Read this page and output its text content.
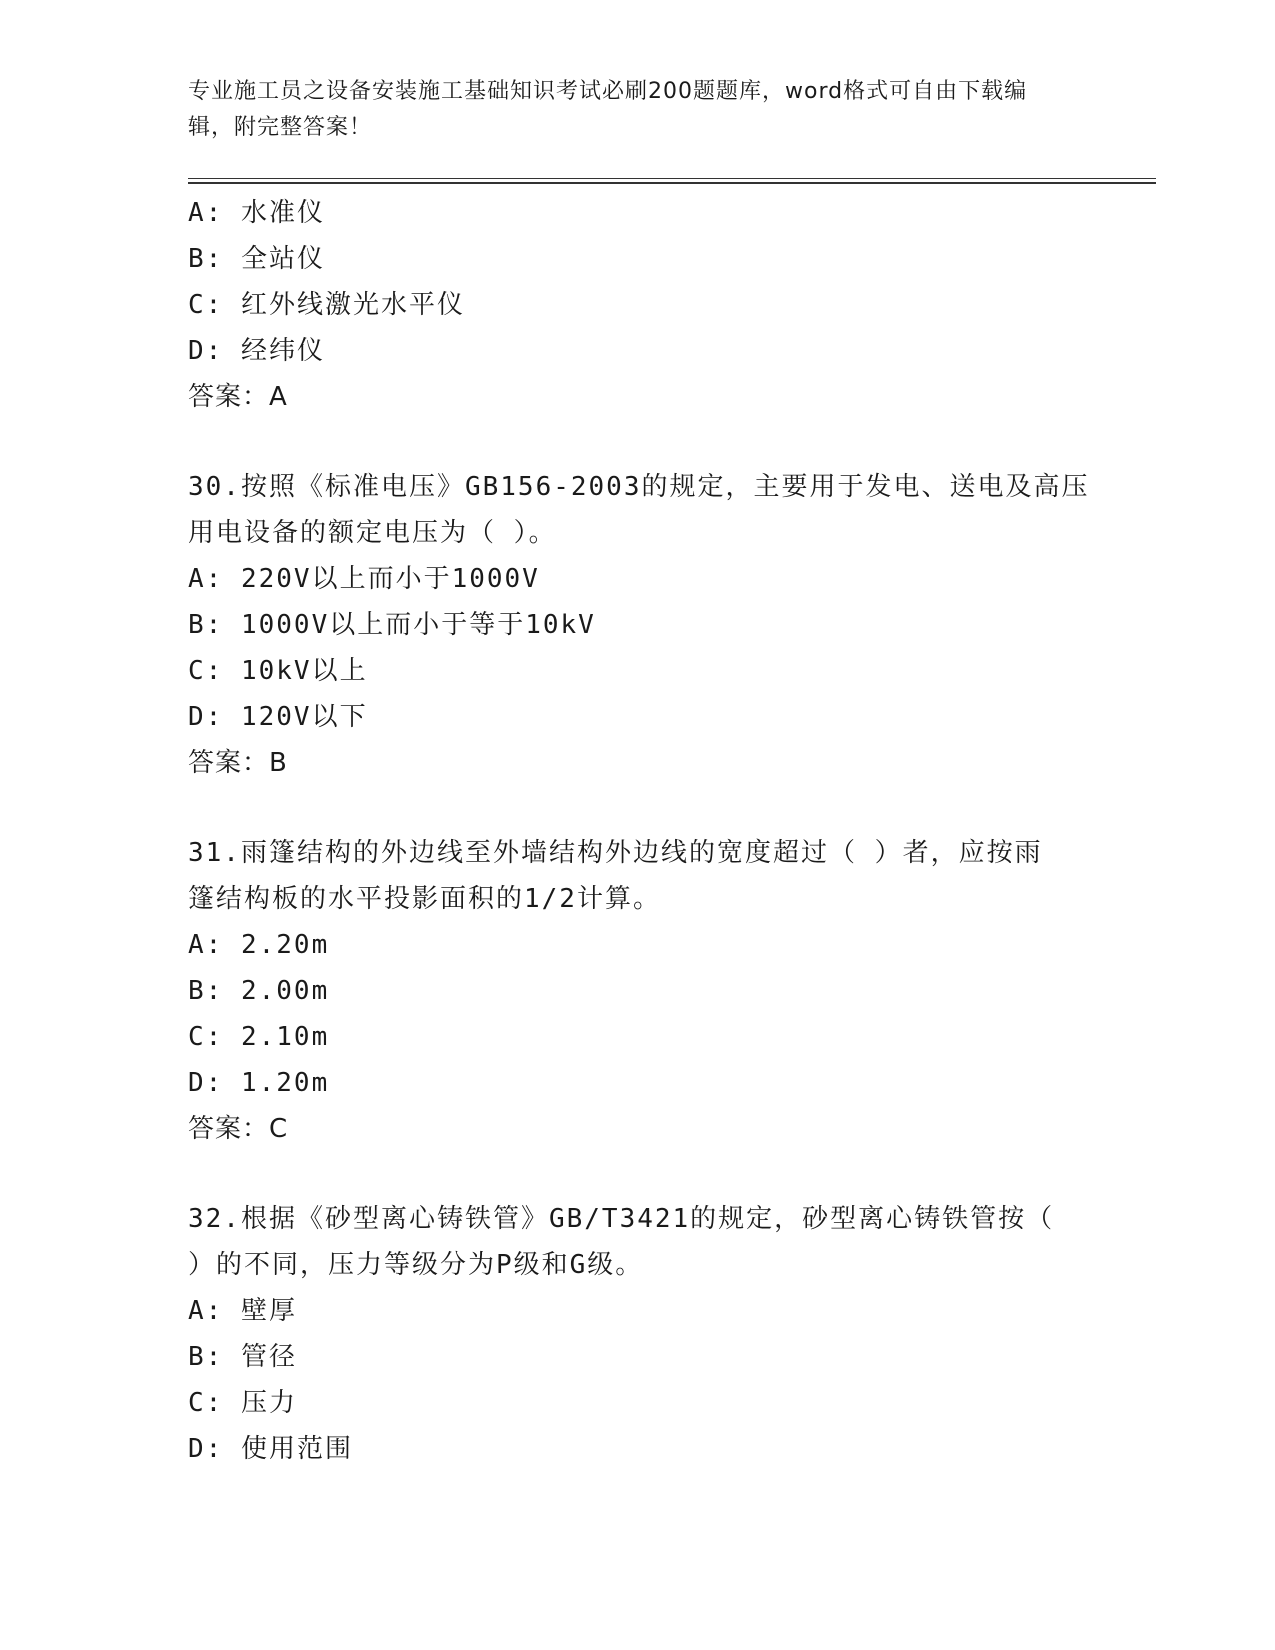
专业施工员之设备安装施工基础知识考试必刷200题题库，word格式可自由下载编辑，附完整答案！
A: 水准仪
B: 全站仪
C: 红外线激光水平仪
D: 经纬仪
答案：A
30.按照《标准电压》GB156-2003的规定，主要用于发电、送电及高压
用电设备的额定电压为（ ）。
A: 220V以上而小于1000V
B: 1000V以上而小于等于10kV
C: 10kV以上
D: 120V以下
答案：B
31.雨篷结构的外边线至外墙结构外边线的宽度超过（ ）者，应按雨
篷结构板的水平投影面积的1/2计算。
A: 2.20m
B: 2.00m
C: 2.10m
D: 1.20m
答案：C
32.根据《砂型离心铸铁管》GB/T3421的规定，砂型离心铸铁管按（
）的不同，压力等级分为P级和G级。
A: 壁厚
B: 管径
C: 压力
D: 使用范围
